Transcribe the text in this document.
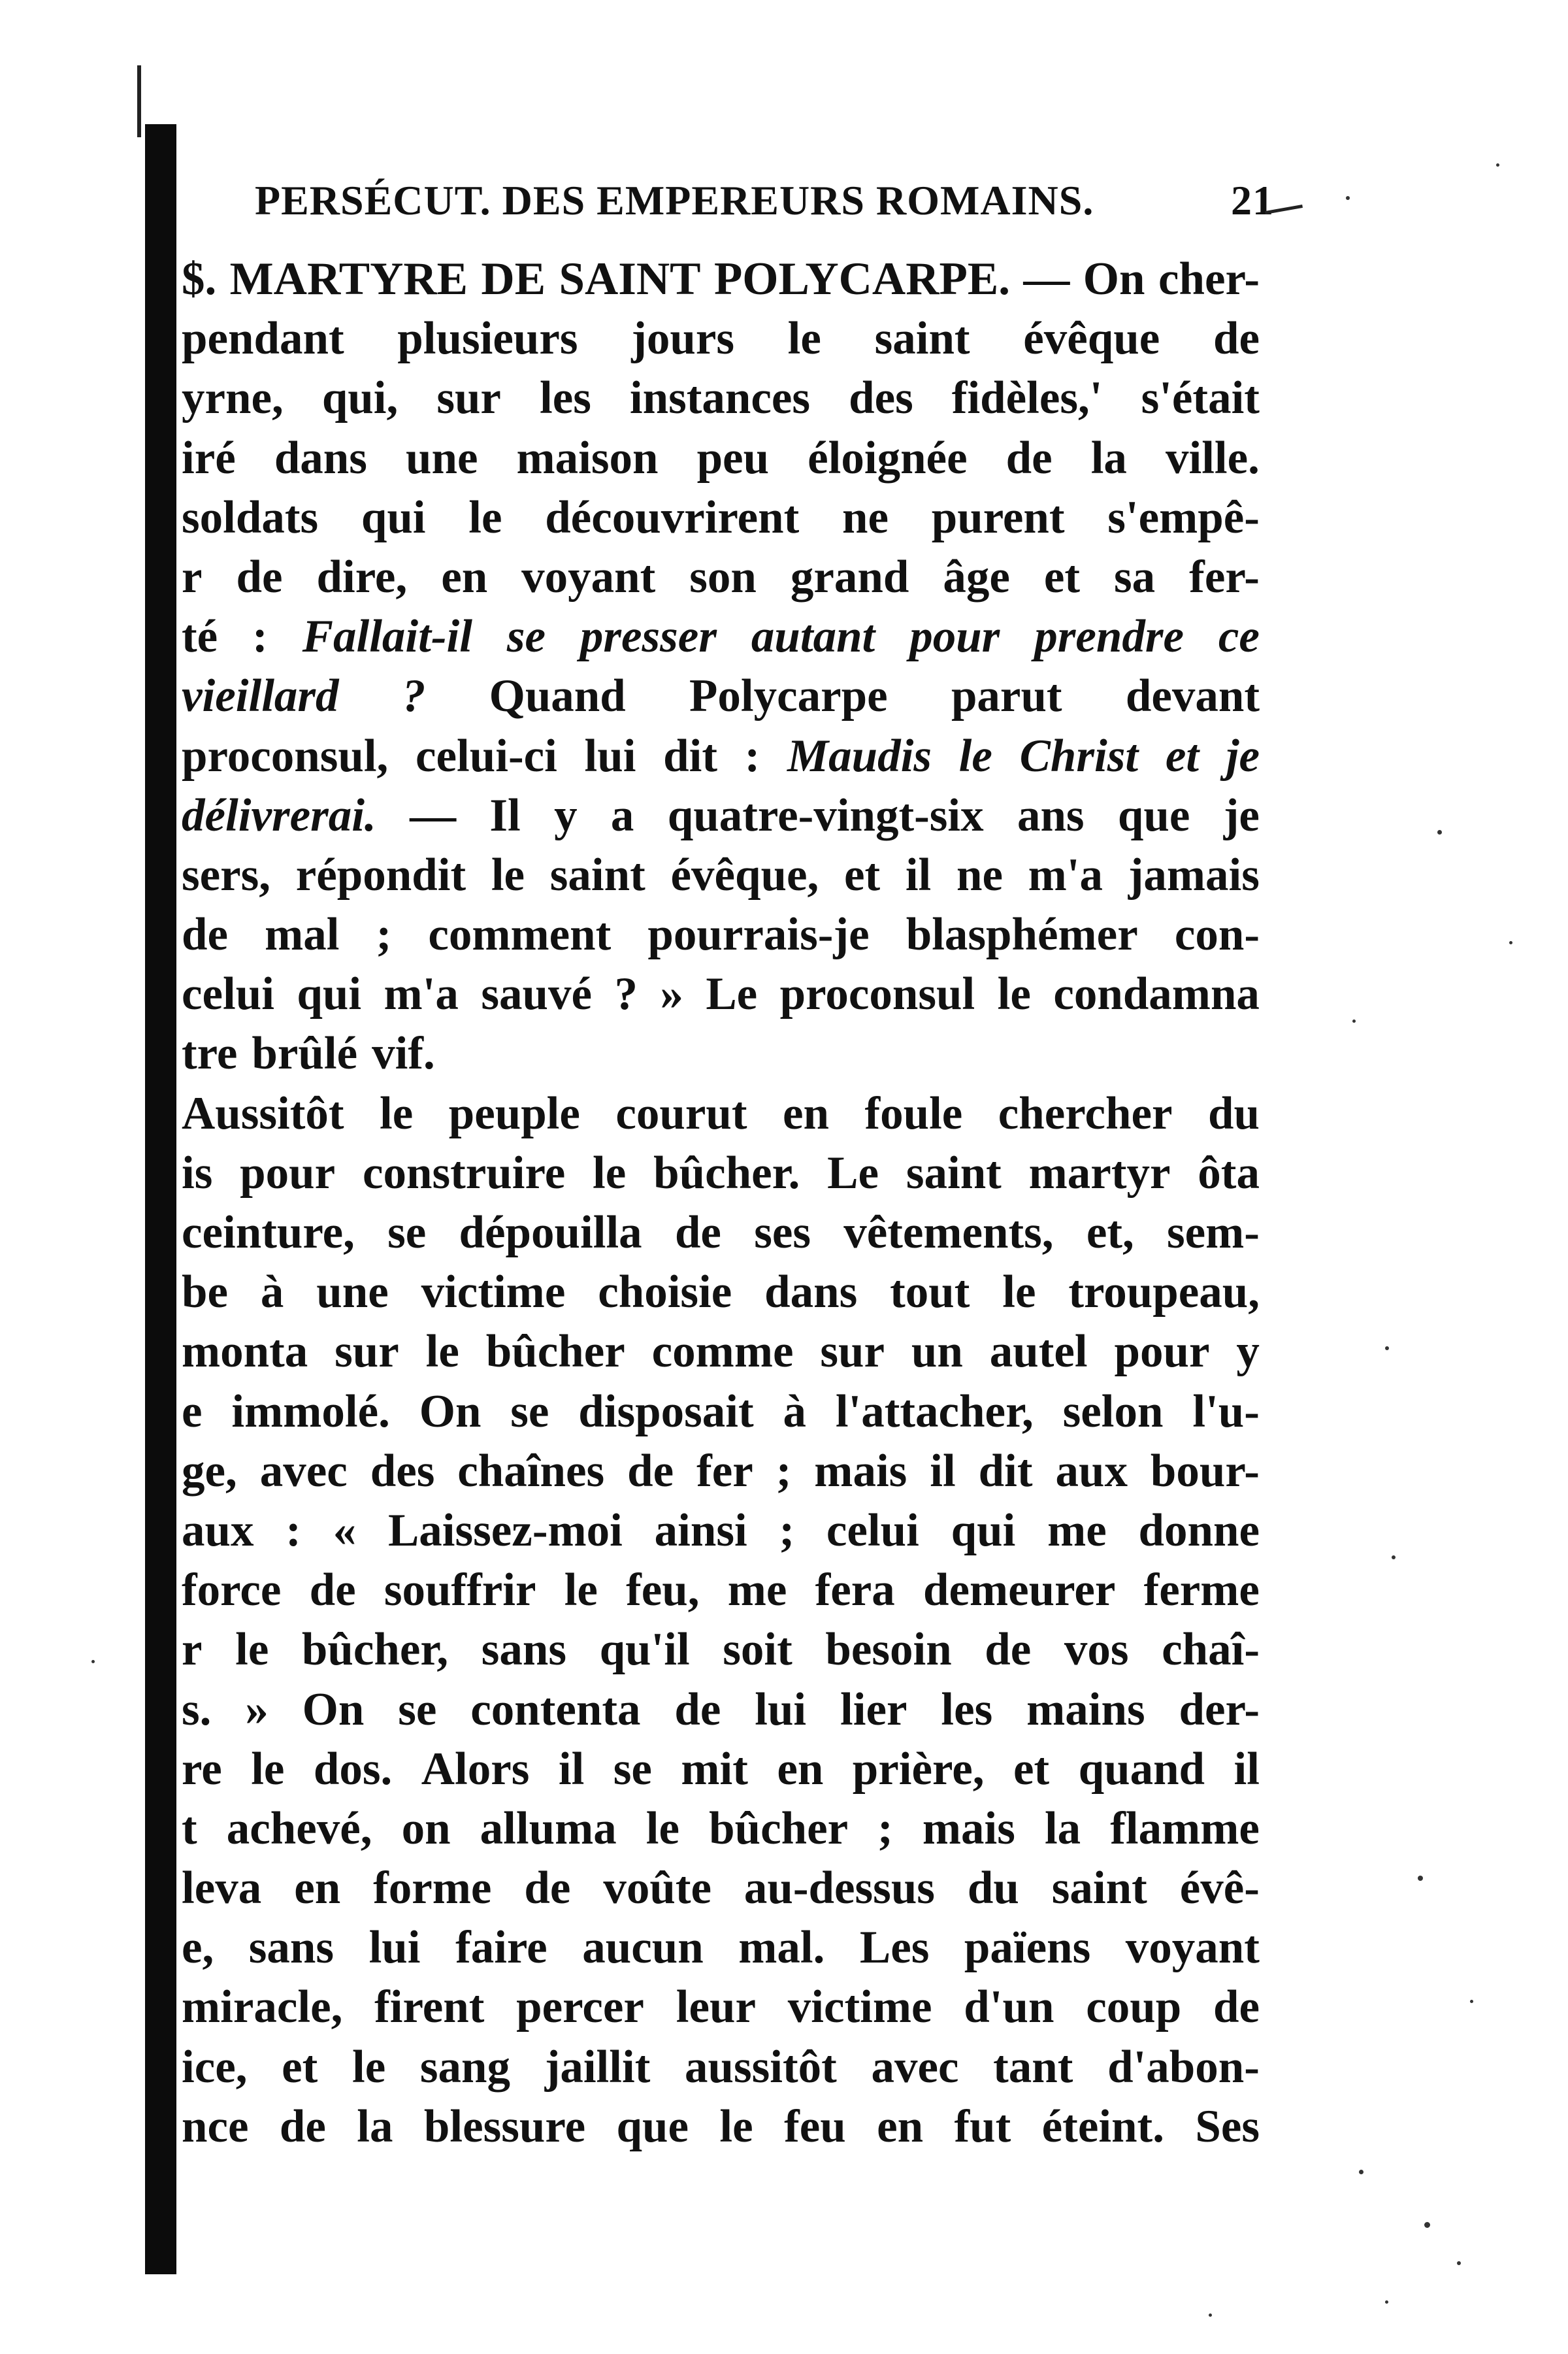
PERSÉCUT. DES EMPEREURS ROMAINS.	21
$. MARTYRE DE SAINT POLYCARPE. — On cher-
pendant plusieurs jours le saint évêque de
yrne, qui, sur les instances des fidèles,' s'était
iré dans une maison peu éloignée de la ville.
soldats qui le découvrirent ne purent s'empê-
r de dire, en voyant son grand âge et sa fer-
té : Fallait-il se presser autant pour prendre ce
vieillard ? Quand Polycarpe parut devant
proconsul, celui-ci lui dit : Maudis le Christ et je
délivrerai. — Il y a quatre-vingt-six ans que je
sers, répondit le saint évêque, et il ne m'a jamais
de mal ; comment pourrais-je blasphémer con-
celui qui m'a sauvé ? » Le proconsul le condamna
tre brûlé vif.
Aussitôt le peuple courut en foule chercher du
is pour construire le bûcher. Le saint martyr ôta
ceinture, se dépouilla de ses vêtements, et, sem-
be à une victime choisie dans tout le troupeau,
monta sur le bûcher comme sur un autel pour y
e immolé. On se disposait à l'attacher, selon l'u-
ge, avec des chaînes de fer ; mais il dit aux bour-
aux : « Laissez-moi ainsi ; celui qui me donne
force de souffrir le feu, me fera demeurer ferme
r le bûcher, sans qu'il soit besoin de vos chaî-
s. » On se contenta de lui lier les mains der-
re le dos. Alors il se mit en prière, et quand il
t achevé, on alluma le bûcher ; mais la flamme
leva en forme de voûte au-dessus du saint évê-
e, sans lui faire aucun mal. Les païens voyant
miracle, firent percer leur victime d'un coup de
ice, et le sang jaillit aussitôt avec tant d'abon-
nce de la blessure que le feu en fut éteint. Ses
